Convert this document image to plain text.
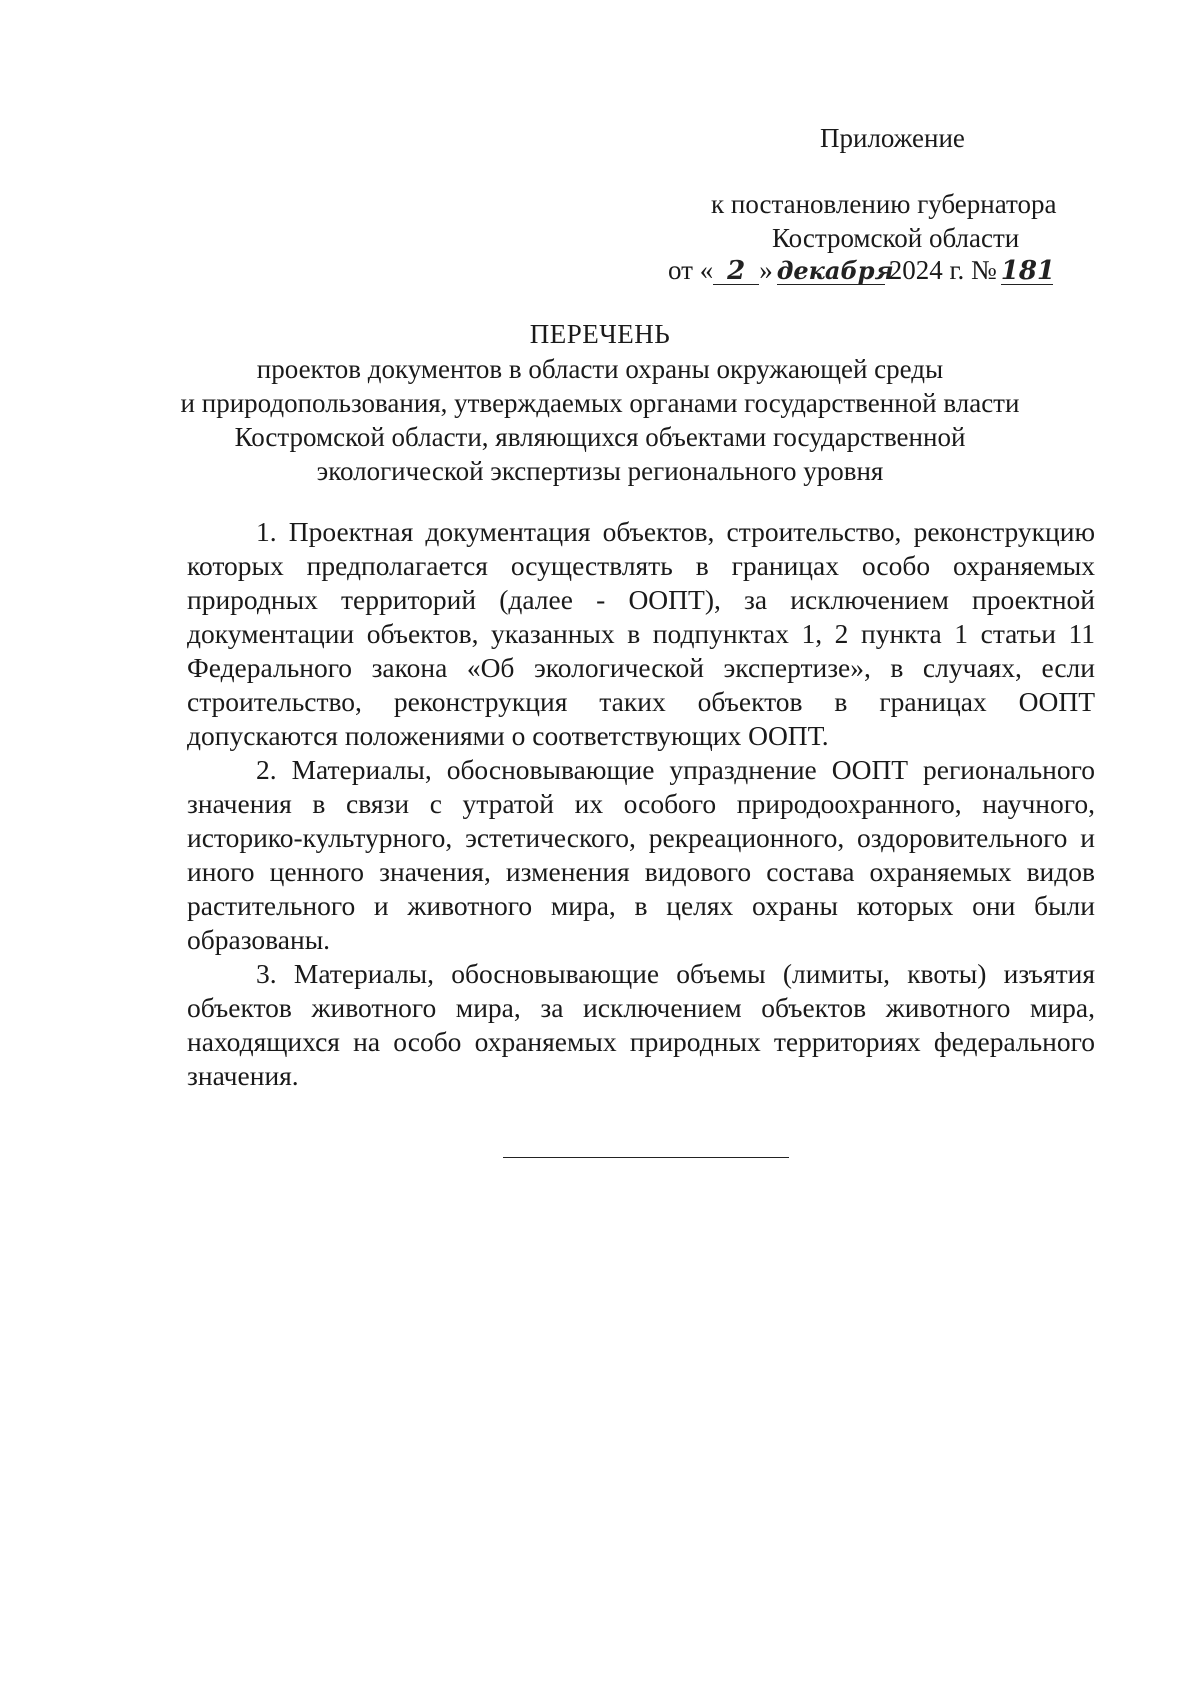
Приложение
к постановлению губернатора
Костромской области
от « 2 » декабря2024 г. № 181
ПЕРЕЧЕНЬ
проектов документов в области охраны окружающей среды
и природопользования, утверждаемых органами государственной власти
Костромской области, являющихся объектами государственной
экологической экспертизы регионального уровня

1. Проектная документация объектов, строительство, реконструкцию которых предполагается осуществлять в границах особо охраняемых природных территорий (далее - ООПТ), за исключением проектной документации объектов, указанных в подпунктах 1, 2 пункта 1 статьи 11 Федерального закона «Об экологической экспертизе», в случаях, если строительство, реконструкция таких объектов в границах ООПТ допускаются положениями о соответствующих ООПТ.

2. Материалы, обосновывающие упразднение ООПТ регионального значения в связи с утратой их особого природоохранного, научного, историко-культурного, эстетического, рекреационного, оздоровительного и иного ценного значения, изменения видового состава охраняемых видов растительного и животного мира, в целях охраны которых они были образованы.

3. Материалы, обосновывающие объемы (лимиты, квоты) изъятия объектов животного мира, за исключением объектов животного мира, находящихся на особо охраняемых природных территориях федерального значения.
